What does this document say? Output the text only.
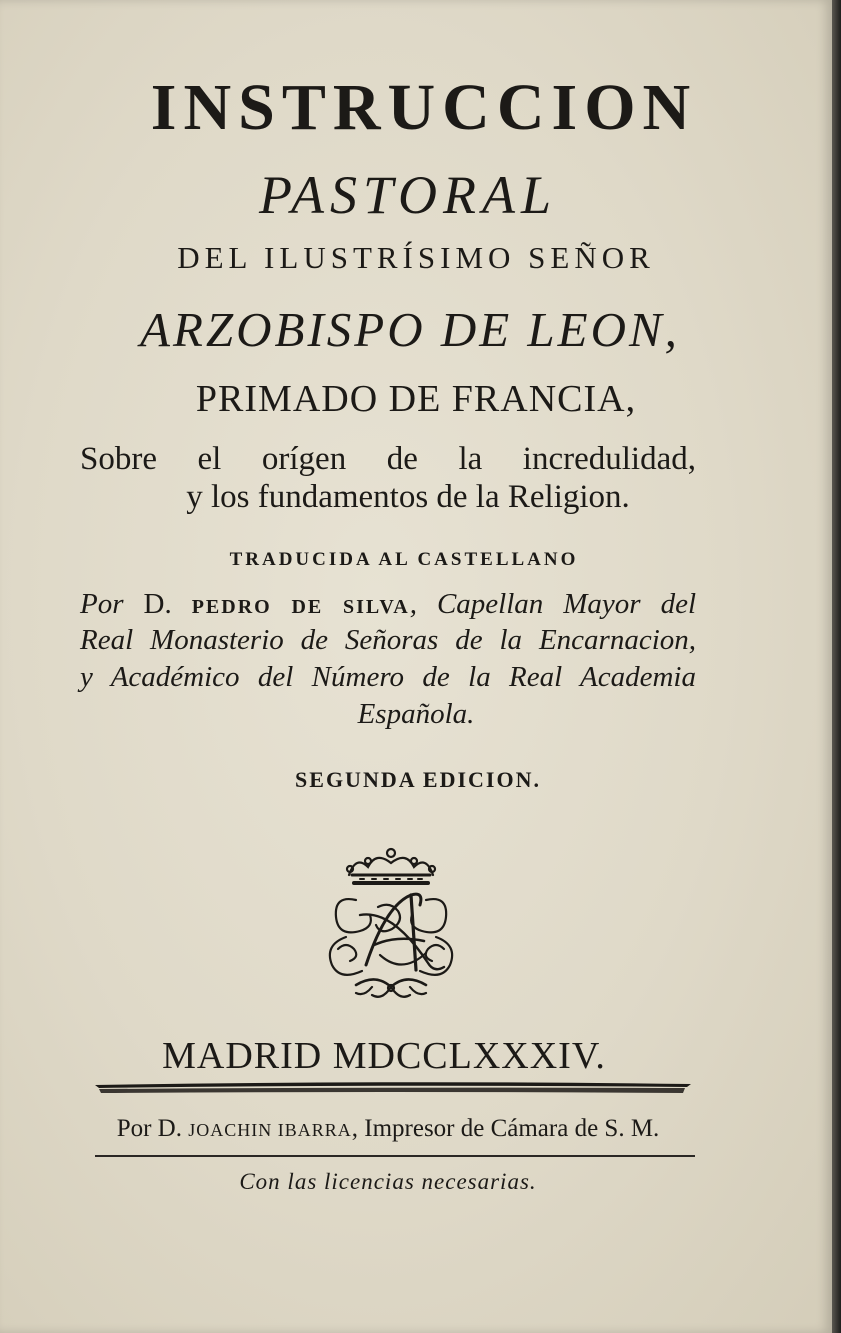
INSTRUCCION
PASTORAL
DEL ILUSTRÍSIMO SEÑOR
ARZOBISPO DE LEON,
PRIMADO DE FRANCIA,
Sobre el orígen de la incredulidad,
y los fundamentos de la Religion.
TRADUCIDA AL CASTELLANO
Por D. PEDRO DE SILVA, Capellan Mayor del
Real Monasterio de Señoras de la Encarnacion,
y Académico del Número de la Real Academia
Española.
SEGUNDA EDICION.
MADRID MDCCLXXXIV.
Por D. JOACHIN IBARRA, Impresor de Cámara de S. M.
Con las licencias necesarias.
